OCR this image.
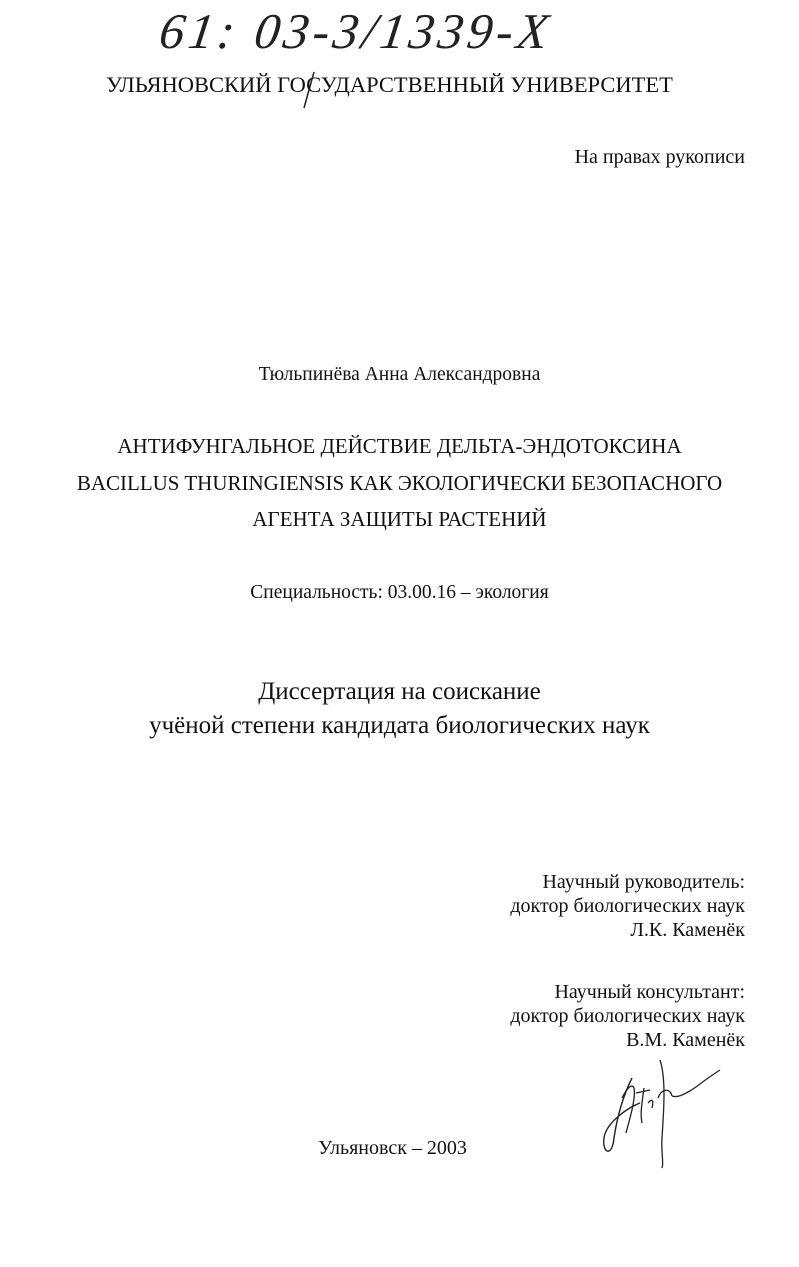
61: 03-3/1339-X
УЛЬЯНОВСКИЙ ГОСУДАРСТВЕННЫЙ УНИВЕРСИТЕТ
На правах рукописи
Тюльпинёва Анна Александровна
АНТИФУНГАЛЬНОЕ ДЕЙСТВИЕ ДЕЛЬТА-ЭНДОТОКСИНА
BACILLUS THURINGIENSIS КАК ЭКОЛОГИЧЕСКИ БЕЗОПАСНОГО
АГЕНТА ЗАЩИТЫ РАСТЕНИЙ
Специальность: 03.00.16 – экология
Диссертация на соискание
учёной степени кандидата биологических наук
Научный руководитель:
доктор биологических наук
Л.К. Каменёк
Научный консультант:
доктор биологических наук
В.М. Каменёк
Ульяновск – 2003
